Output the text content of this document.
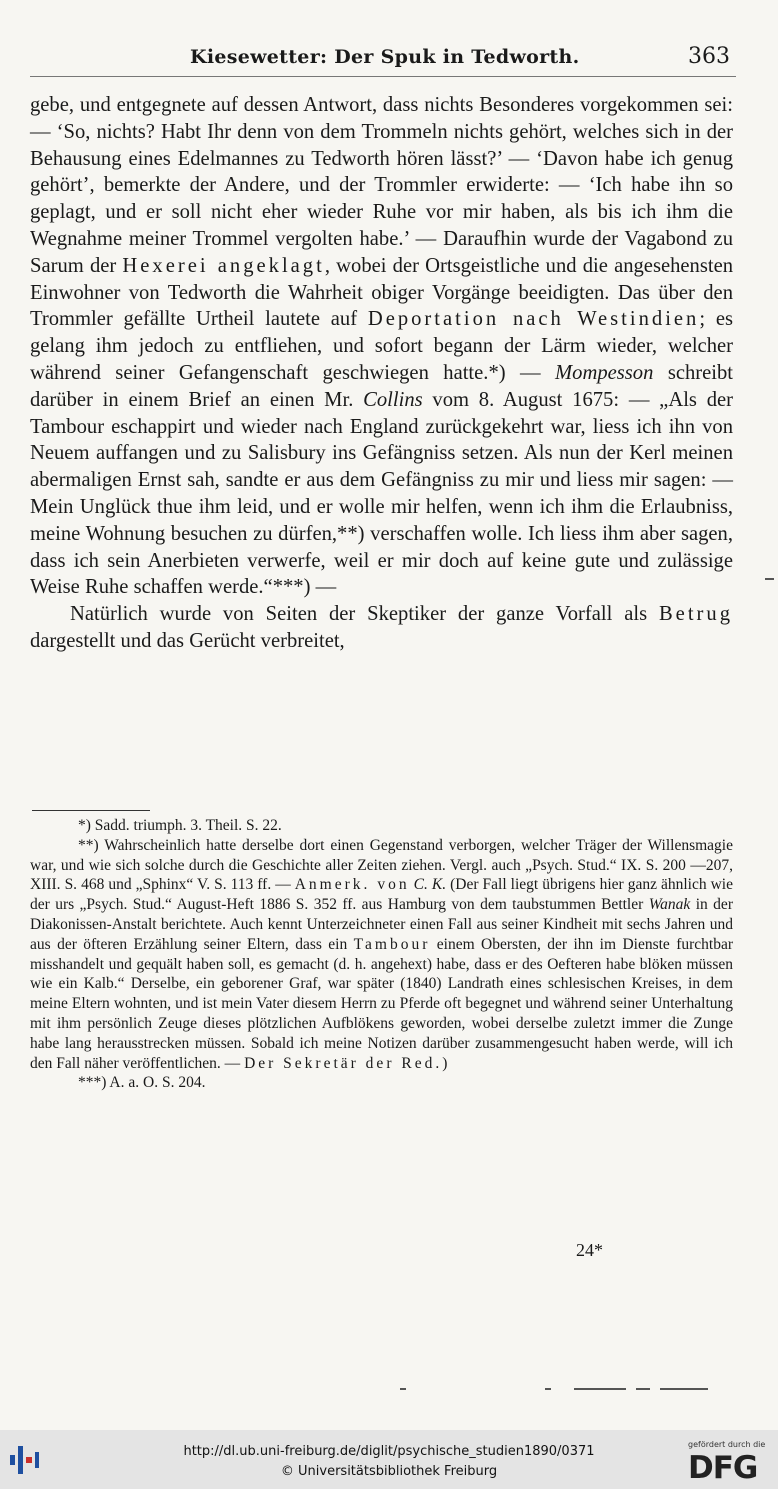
Kiesewetter: Der Spuk in Tedworth.	363

gebe, und entgegnete auf dessen Antwort, dass nichts Besonderes vorgekommen sei: — ‘So, nichts? Habt Ihr denn von dem Trommeln nichts gehört, welches sich in der Behausung eines Edelmannes zu Tedworth hören lässt?’ — ‘Davon habe ich genug gehört’, bemerkte der Andere, und der Trommler erwiderte: — ‘Ich habe ihn so geplagt, und er soll nicht eher wieder Ruhe vor mir haben, als bis ich ihm die Wegnahme meiner Trommel vergolten habe.’ — Daraufhin wurde der Vagabond zu Sarum der Hexerei angeklagt, wobei der Ortsgeistliche und die angesehensten Einwohner von Tedworth die Wahrheit obiger Vorgänge beeidigten. Das über den Trommler gefällte Urtheil lautete auf Deportation nach Westindien; es gelang ihm jedoch zu entfliehen, und sofort begann der Lärm wieder, welcher während seiner Gefangenschaft geschwiegen hatte.*) — Mompesson schreibt darüber in einem Brief an einen Mr. Collins vom 8. August 1675: — „Als der Tambour eschappirt und wieder nach England zurückgekehrt war, liess ich ihn von Neuem auffangen und zu Salisbury ins Gefängniss setzen. Als nun der Kerl meinen abermaligen Ernst sah, sandte er aus dem Gefängniss zu mir und liess mir sagen: — Mein Unglück thue ihm leid, und er wolle mir helfen, wenn ich ihm die Erlaubniss, meine Wohnung besuchen zu dürfen,**) verschaffen wolle. Ich liess ihm aber sagen, dass ich sein Anerbieten verwerfe, weil er mir doch auf keine gute und zulässige Weise Ruhe schaffen werde.“***) —

Natürlich wurde von Seiten der Skeptiker der ganze Vorfall als Betrug dargestellt und das Gerücht verbreitet,

*) Sadd. triumph. 3. Theil. S. 22.

**) Wahrscheinlich hatte derselbe dort einen Gegenstand verborgen, welcher Träger der Willensmagie war, und wie sich solche durch die Geschichte aller Zeiten ziehen. Vergl. auch „Psych. Stud.“ IX. S. 200 —207, XIII. S. 468 und „Sphinx“ V. S. 113 ff. — Anmerk. von C. K. (Der Fall liegt übrigens hier ganz ähnlich wie der urs „Psych. Stud.“ August-Heft 1886 S. 352 ff. aus Hamburg von dem taubstummen Bettler Wanak in der Diakonissen-Anstalt berichtete. Auch kennt Unterzeichneter einen Fall aus seiner Kindheit mit sechs Jahren und aus der öfteren Erzählung seiner Eltern, dass ein Tambour einem Obersten, der ihn im Dienste furchtbar misshandelt und gequält haben soll, es gemacht (d. h. angehext) habe, dass er des Oefteren habe blöken müssen wie ein Kalb.“ Derselbe, ein geborener Graf, war später (1840) Landrath eines schlesischen Kreises, in dem meine Eltern wohnten, und ist mein Vater diesem Herrn zu Pferde oft begegnet und während seiner Unterhaltung mit ihm persönlich Zeuge dieses plötzlichen Aufblökens geworden, wobei derselbe zuletzt immer die Zunge habe lang herausstrecken müssen. Sobald ich meine Notizen darüber zusammengesucht haben werde, will ich den Fall näher veröffentlichen. — Der Sekretär der Red.)

***) A. a. O. S. 204.

24*
http://dl.ub.uni-freiburg.de/diglit/psychische_studien1890/0371
© Universitätsbibliothek Freiburg
gefördert durch die
DFG
